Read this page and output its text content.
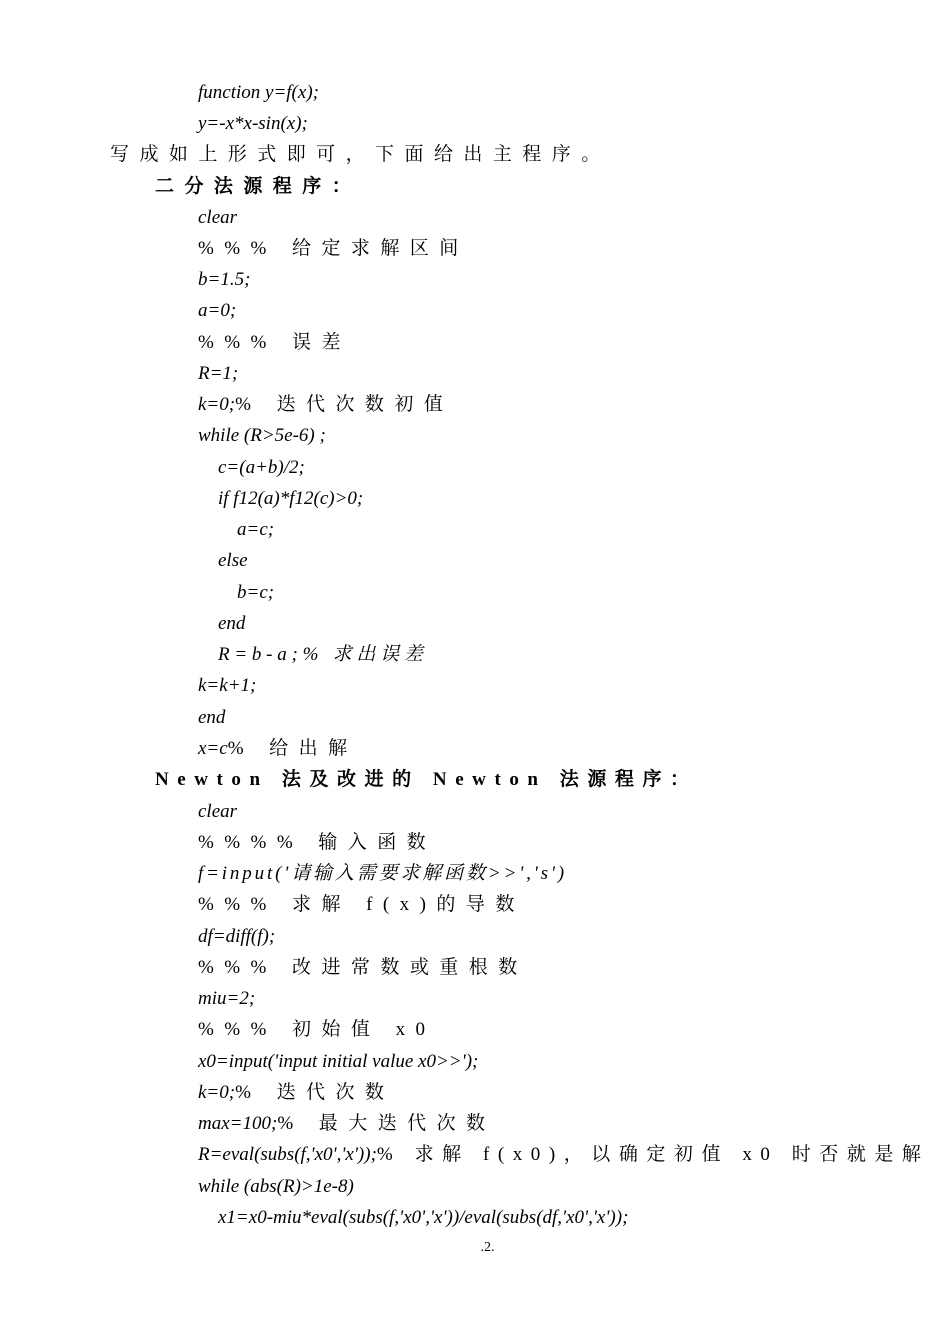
function y=f(x);
y=-x*x-sin(x);
写成如上形式即可，下面给出主程序。
二分法源程序：
clear
%%% 给定求解区间
b=1.5;
a=0;
%%% 误差
R=1;
k=0;% 迭代次数初值
while (R>5e-6) ;
c=(a+b)/2;
if f12(a)*f12(c)>0;
a=c;
else
b=c;
end
R=b-a;% 求出误差
k=k+1;
end
x=c% 给出解
Newton 法及改进的 Newton 法源程序：
clear
%%%% 输入函数
f=input('请输入需要求解函数>>','s')
%%% 求解 f(x)的导数
df=diff(f);
%%% 改进常数或重根数
miu=2;
%%% 初始值 x0
x0=input('input initial value x0>>');
k=0;% 迭代次数
max=100;% 最大迭代次数
R=eval(subs(f,'x0','x'));% 求解 f(x0)，以确定初值 x0 时否就是解
while (abs(R)>1e-8)
x1=x0-miu*eval(subs(f,'x0','x'))/eval(subs(df,'x0','x'));
.2.
